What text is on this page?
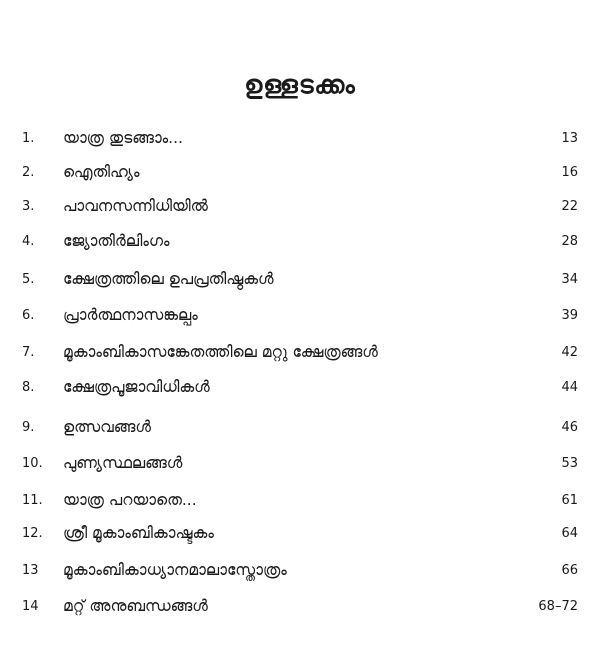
ഉള്ളടക്കം
1. യാത്ര തുടങ്ങാം...	13
2. ഐതിഹ്യം	16
3. പാവനസന്നിധിയിൽ	22
4. ജ്യോതിർലിംഗം	28
5. ക്ഷേത്രത്തിലെ ഉപപ്രതിഷ്ഠകൾ	34
6. പ്രാർത്ഥനാസങ്കല്പം	39
7. മൂകാംബികാസങ്കേതത്തിലെ മറ്റു ക്ഷേത്രങ്ങൾ	42
8. ക്ഷേത്രപൂജാവിധികൾ	44
9. ഉത്സവങ്ങൾ	46
10. പുണ്യസ്ഥലങ്ങൾ	53
11. യാത്ര പറയാതെ...	61
12. ശ്രീ മൂകാംബികാഷ്ടകം	64
13 മൂകാംബികാധ്യാനമാലാസ്തോത്രം	66
14 മറ്റ് അനുബന്ധങ്ങൾ	68–72
